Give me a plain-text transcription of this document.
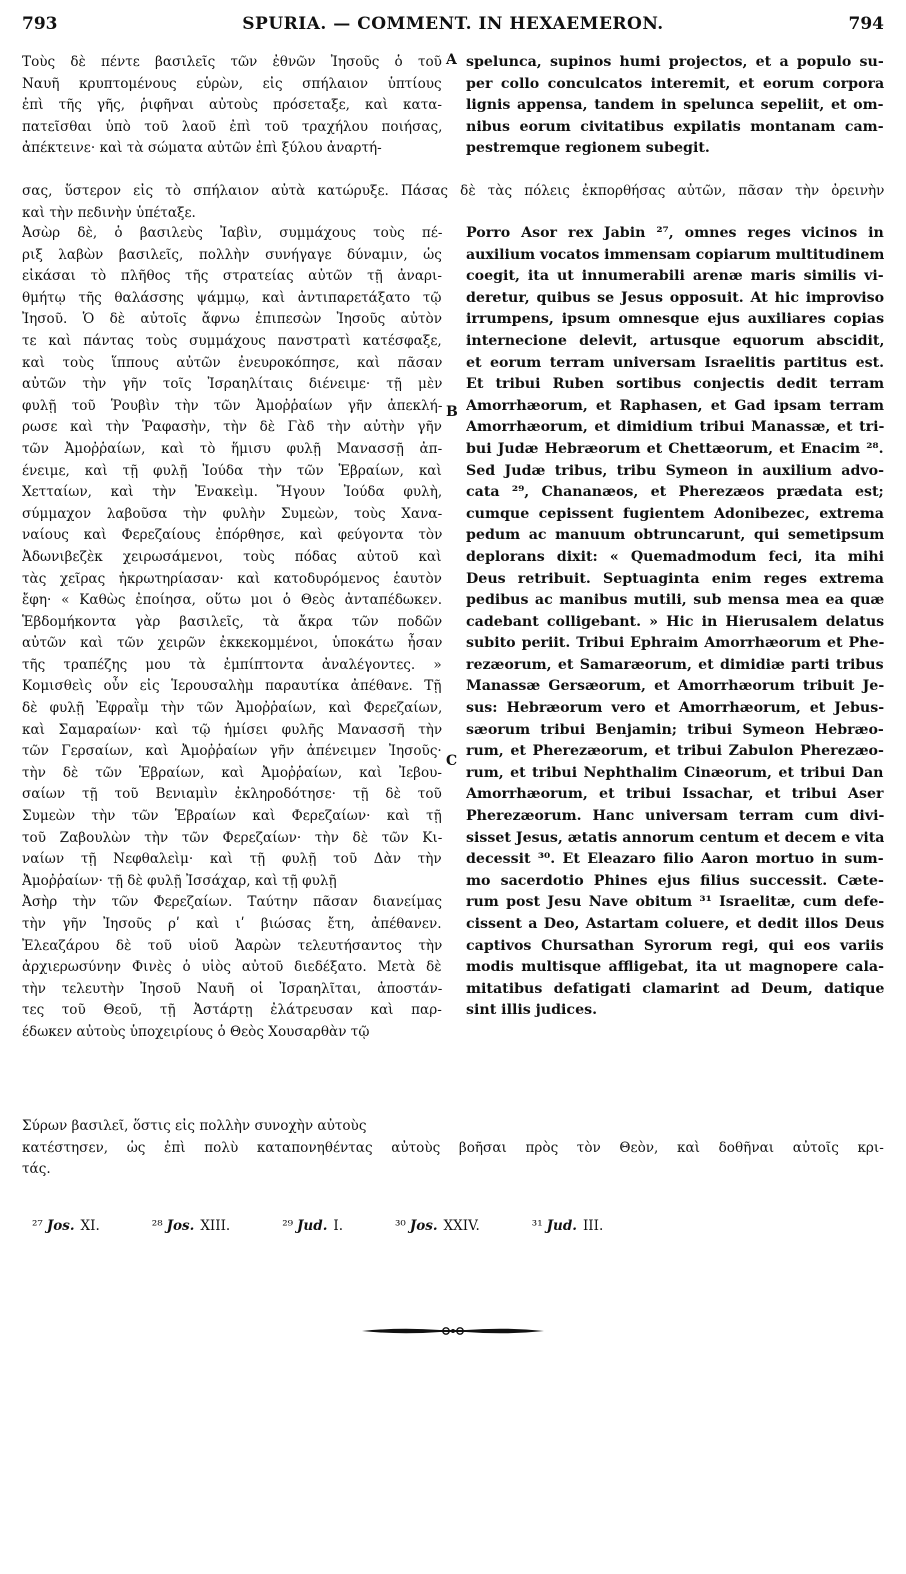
793	SPURIA. — COMMENT. IN HEXAEMERON.	794
A
B
C
Τοὺς δὲ πέντε βασιλεῖς τῶν ἐθνῶν Ἰησοῦς ὁ τοῦ
Ναυῆ κρυπτομένους εὑρὼν, εἰς σπήλαιον ὑπτίους
ἐπὶ τῆς γῆς, ῥιφῆναι αὐτοὺς πρόσεταξε, καὶ κατα-
πατεῖσθαι ὑπὸ τοῦ λαοῦ ἐπὶ τοῦ τραχήλου ποιήσας,
ἀπέκτεινε· καὶ τὰ σώματα αὐτῶν ἐπὶ ξύλου ἀναρτή-
spelunca, supinos humi projectos, et a populo su-
per collo conculcatos interemit, et eorum corpora
lignis appensa, tandem in spelunca sepeliit, et om-
nibus eorum civitatibus expilatis montanam cam-
pestremque regionem subegit.
σας, ὕστερον εἰς τὸ σπήλαιον αὐτὰ κατώρυξε. Πάσας δὲ τὰς πόλεις ἐκπορθήσας αὐτῶν, πᾶσαν τὴν ὀρεινὴν
καὶ τὴν πεδινὴν ὑπέταξε.
Ἀσὼρ δὲ, ὁ βασιλεὺς Ἰαβὶν, συμμάχους τοὺς πέ-
ριξ λαβὼν βασιλεῖς, πολλὴν συνήγαγε δύναμιν, ὡς
εἰκάσαι τὸ πλῆθος τῆς στρατείας αὐτῶν τῇ ἀναρι-
θμήτῳ τῆς θαλάσσης ψάμμῳ, καὶ ἀντιπαρετάξατο τῷ
Ἰησοῦ. Ὁ δὲ αὐτοῖς ἄφνω ἐπιπεσὼν Ἰησοῦς αὐτὸν
τε καὶ πάντας τοὺς συμμάχους πανστρατὶ κατέσφαξε,
καὶ τοὺς ἵππους αὐτῶν ἐνευροκόπησε, καὶ πᾶσαν
αὐτῶν τὴν γῆν τοῖς Ἰσραηλίταις διένειμε· τῇ μὲν
φυλῇ τοῦ Ῥουβὶν τὴν τῶν Ἀμοῤῥαίων γῆν ἀπεκλή-
ρωσε καὶ τὴν Ῥαφασὴν, τὴν δὲ Γὰδ τὴν αὐτὴν γῆν
τῶν Ἀμοῤῥαίων, καὶ τὸ ἥμισυ φυλῇ Μανασσῇ ἀπ-
ένειμε, καὶ τῇ φυλῇ Ἰούδα τὴν τῶν Ἑβραίων, καὶ
Χετταίων, καὶ τὴν Ἐνακεὶμ. Ἤγουν Ἰούδα φυλὴ,
σύμμαχον λαβοῦσα τὴν φυλὴν Συμεὼν, τοὺς Χανα-
ναίους καὶ Φερεζαίους ἐπόρθησε, καὶ φεύγοντα τὸν
Ἀδωνιβεζὲκ χειρωσάμενοι, τοὺς πόδας αὐτοῦ καὶ
τὰς χεῖρας ἠκρωτηρίασαν· καὶ κατοδυρόμενος ἑαυτὸν
ἔφη· « Καθὼς ἐποίησα, οὕτω μοι ὁ Θεὸς ἀνταπέδωκεν.
Ἑβδομήκοντα γὰρ βασιλεῖς, τὰ ἄκρα τῶν ποδῶν
αὐτῶν καὶ τῶν χειρῶν ἐκκεκομμένοι, ὑποκάτω ἦσαν
τῆς τραπέζης μου τὰ ἐμπίπτοντα ἀναλέγοντες. »
Κομισθεὶς οὖν εἰς Ἱερουσαλὴμ παραυτίκα ἀπέθανε. Τῇ
δὲ φυλῇ Ἐφραῒμ τὴν τῶν Ἀμοῤῥαίων, καὶ Φερεζαίων,
καὶ Σαμαραίων· καὶ τῷ ἡμίσει φυλῆς Μανασσῆ τὴν
τῶν Γερσαίων, καὶ Ἀμοῤῥαίων γῆν ἀπένειμεν Ἰησοῦς·
τὴν δὲ τῶν Ἑβραίων, καὶ Ἀμοῤῥαίων, καὶ Ἰεβου-
σαίων τῇ τοῦ Βενιαμὶν ἐκληροδότησε· τῇ δὲ τοῦ
Συμεὼν τὴν τῶν Ἑβραίων καὶ Φερεζαίων· καὶ τῇ
τοῦ Ζαβουλὼν τὴν τῶν Φερεζαίων· τὴν δὲ τῶν Κι-
ναίων τῇ Νεφθαλεὶμ· καὶ τῇ φυλῇ τοῦ Δὰν τὴν
Ἀμοῤῥαίων· τῇ δὲ φυλῇ Ἰσσάχαρ, καὶ τῇ φυλῇ
Ἀσὴρ τὴν τῶν Φερεζαίων. Ταύτην πᾶσαν διανείμας
τὴν γῆν Ἰησοῦς ρʹ καὶ ιʹ βιώσας ἔτη, ἀπέθανεν.
Ἐλεαζάρου δὲ τοῦ υἱοῦ Ἀαρὼν τελευτήσαντος τὴν
ἀρχιερωσύνην Φινὲς ὁ υἱὸς αὐτοῦ διεδέξατο. Μετὰ δὲ
τὴν τελευτὴν Ἰησοῦ Ναυῆ οἱ Ἰσραηλῖται, ἀποστάν-
τες τοῦ Θεοῦ, τῇ Ἀστάρτῃ ἐλάτρευσαν καὶ παρ-
έδωκεν αὐτοὺς ὑποχειρίους ὁ Θεὸς Χουσαρθὰν τῷ
Porro Asor rex Jabin ²⁷, omnes reges vicinos in
auxilium vocatos immensam copiarum multitudinem
coegit, ita ut innumerabili arenæ maris similis vi-
deretur, quibus se Jesus opposuit. At hic improviso
irrumpens, ipsum omnesque ejus auxiliares copias
internecione delevit, artusque equorum abscidit,
et eorum terram universam Israelitis partitus est.
Et tribui Ruben sortibus conjectis dedit terram
Amorrhæorum, et Raphasen, et Gad ipsam terram
Amorrhæorum, et dimidium tribui Manassæ, et tri-
bui Judæ Hebræorum et Chettæorum, et Enacim ²⁸.
Sed Judæ tribus, tribu Symeon in auxilium advo-
cata ²⁹, Chananæos, et Pherezæos prædata est;
cumque cepissent fugientem Adonibezec, extrema
pedum ac manuum obtruncarunt, qui semetipsum
deplorans dixit: « Quemadmodum feci, ita mihi
Deus retribuit. Septuaginta enim reges extrema
pedibus ac manibus mutili, sub mensa mea ea quæ
cadebant colligebant. » Hic in Hierusalem delatus
subito periit. Tribui Ephraim Amorrhæorum et Phe-
rezæorum, et Samaræorum, et dimidiæ parti tribus
Manassæ Gersæorum, et Amorrhæorum tribuit Je-
sus: Hebræorum vero et Amorrhæorum, et Jebus-
sæorum tribui Benjamin; tribui Symeon Hebræo-
rum, et Pherezæorum, et tribui Zabulon Pherezæo-
rum, et tribui Nephthalim Cinæorum, et tribui Dan
Amorrhæorum, et tribui Issachar, et tribui Aser
Pherezæorum. Hanc universam terram cum divi-
sisset Jesus, ætatis annorum centum et decem e vita
decessit ³⁰. Et Eleazaro filio Aaron mortuo in sum-
mo sacerdotio Phines ejus filius successit. Cæte-
rum post Jesu Nave obitum ³¹ Israelitæ, cum defe-
cissent a Deo, Astartam coluere, et dedit illos Deus
captivos Chursathan Syrorum regi, qui eos variis
modis multisque affligebat, ita ut magnopere cala-
mitatibus defatigati clamarint ad Deum, datique
sint illis judices.
Σύρων βασιλεῖ, ὅστις εἰς πολλὴν συνοχὴν αὐτοὺς
κατέστησεν, ὡς ἐπὶ πολὺ καταπονηθέντας αὐτοὺς βοῆσαι πρὸς τὸν Θεὸν, καὶ δοθῆναι αὐτοῖς κρι-
τάς.
²⁷ Jos. XI.	²⁸ Jos. XIII.	²⁹ Jud. I.	³⁰ Jos. XXIV.	³¹ Jud. III.
